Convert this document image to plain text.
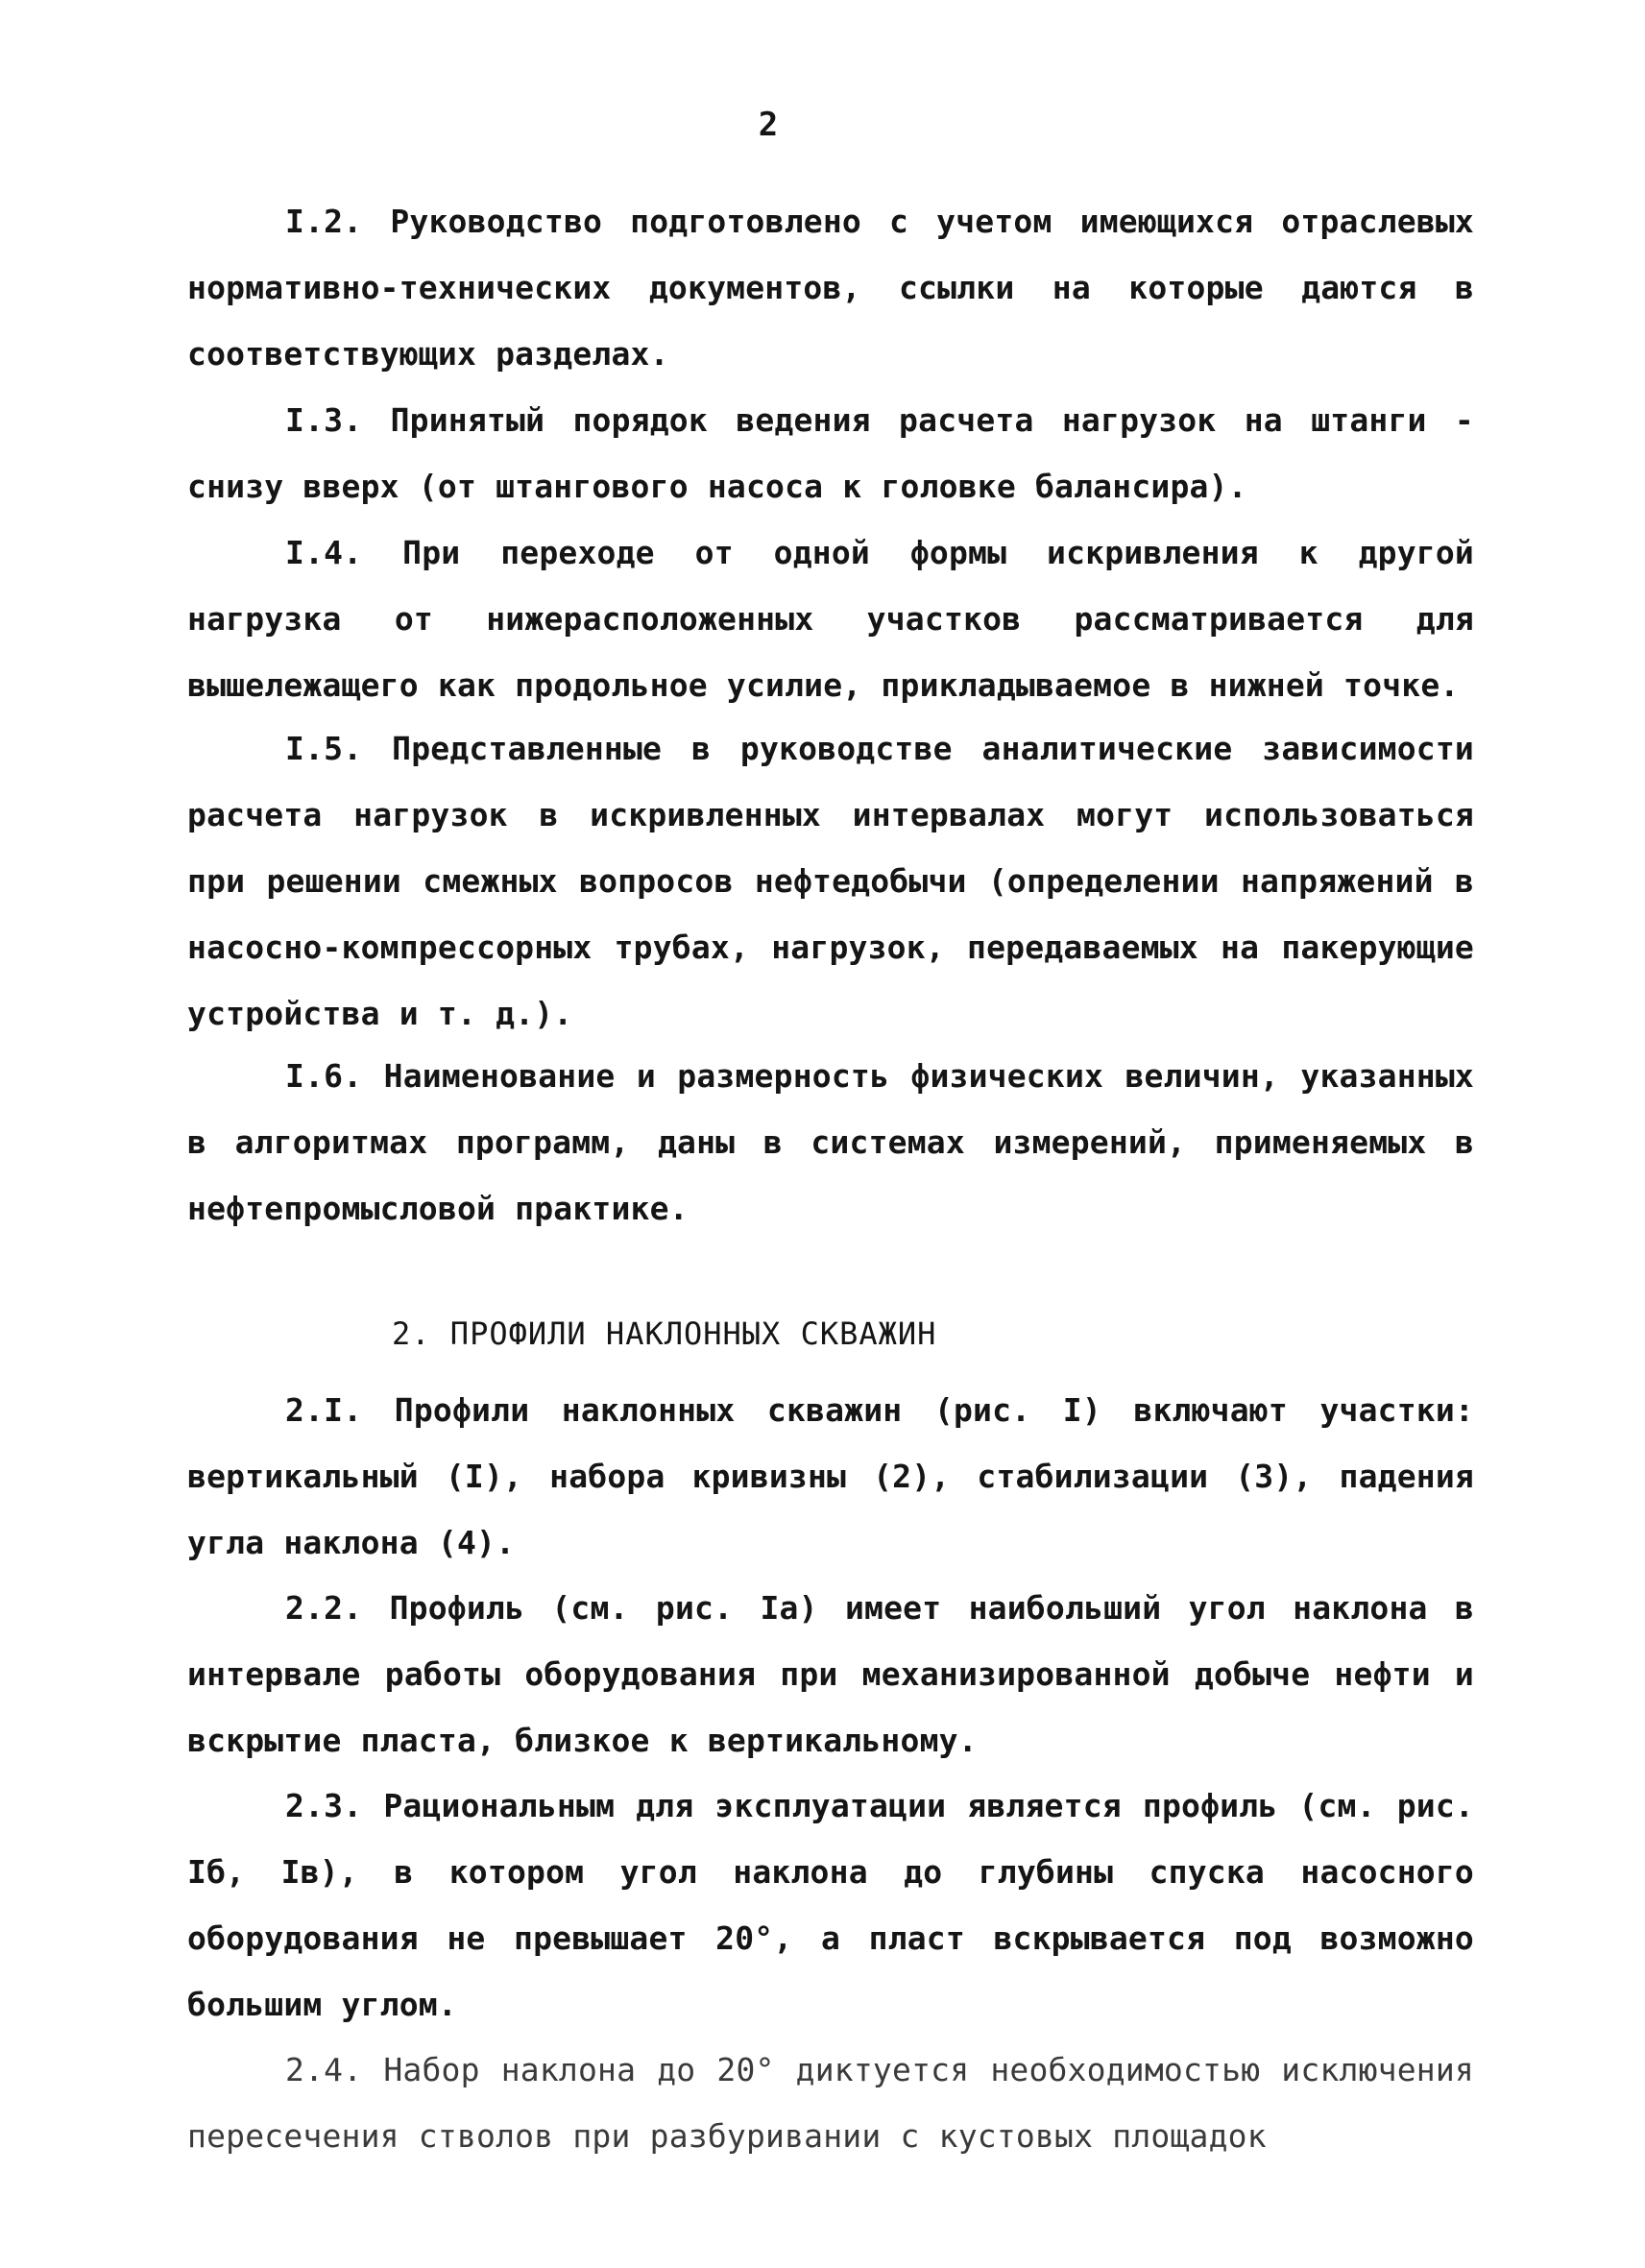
2

I.2. Руководство подготовлено с учетом имеющихся отраслевых нормативно-технических документов, ссылки на которые даются в соответствующих разделах.

I.3. Принятый порядок ведения расчета нагрузок на штанги - снизу вверх (от штангового насоса к головке балансира).

I.4. При переходе от одной формы искривления к другой нагрузка от нижерасположенных участков рассматривается для вышележащего как продольное усилие, прикладываемое в нижней точке.

I.5. Представленные в руководстве аналитические зависимости расчета нагрузок в искривленных интервалах могут использоваться при решении смежных вопросов нефтедобычи (определении напряжений в насосно-компрессорных трубах, нагрузок, передаваемых на пакерующие устройства и т. д.).

I.6. Наименование и размерность физических величин, указанных в алгоритмах программ, даны в системах измерений, применяемых в нефтепромысловой практике.

2. ПРОФИЛИ НАКЛОННЫХ СКВАЖИН

2.I. Профили наклонных скважин (рис. I) включают участки: вертикальный (I), набора кривизны (2), стабилизации (3), падения угла наклона (4).

2.2. Профиль (см. рис. Iа) имеет наибольший угол наклона в интервале работы оборудования при механизированной добыче нефти и вскрытие пласта, близкое к вертикальному.

2.3. Рациональным для эксплуатации является профиль (см. рис. Iб, Iв), в котором угол наклона до глубины спуска насосного оборудования не превышает 20°, а пласт вскрывается под возможно большим углом.

2.4. Набор наклона до 20° диктуется необходимостью исключения пересечения стволов при разбуривании с кустовых площадок
